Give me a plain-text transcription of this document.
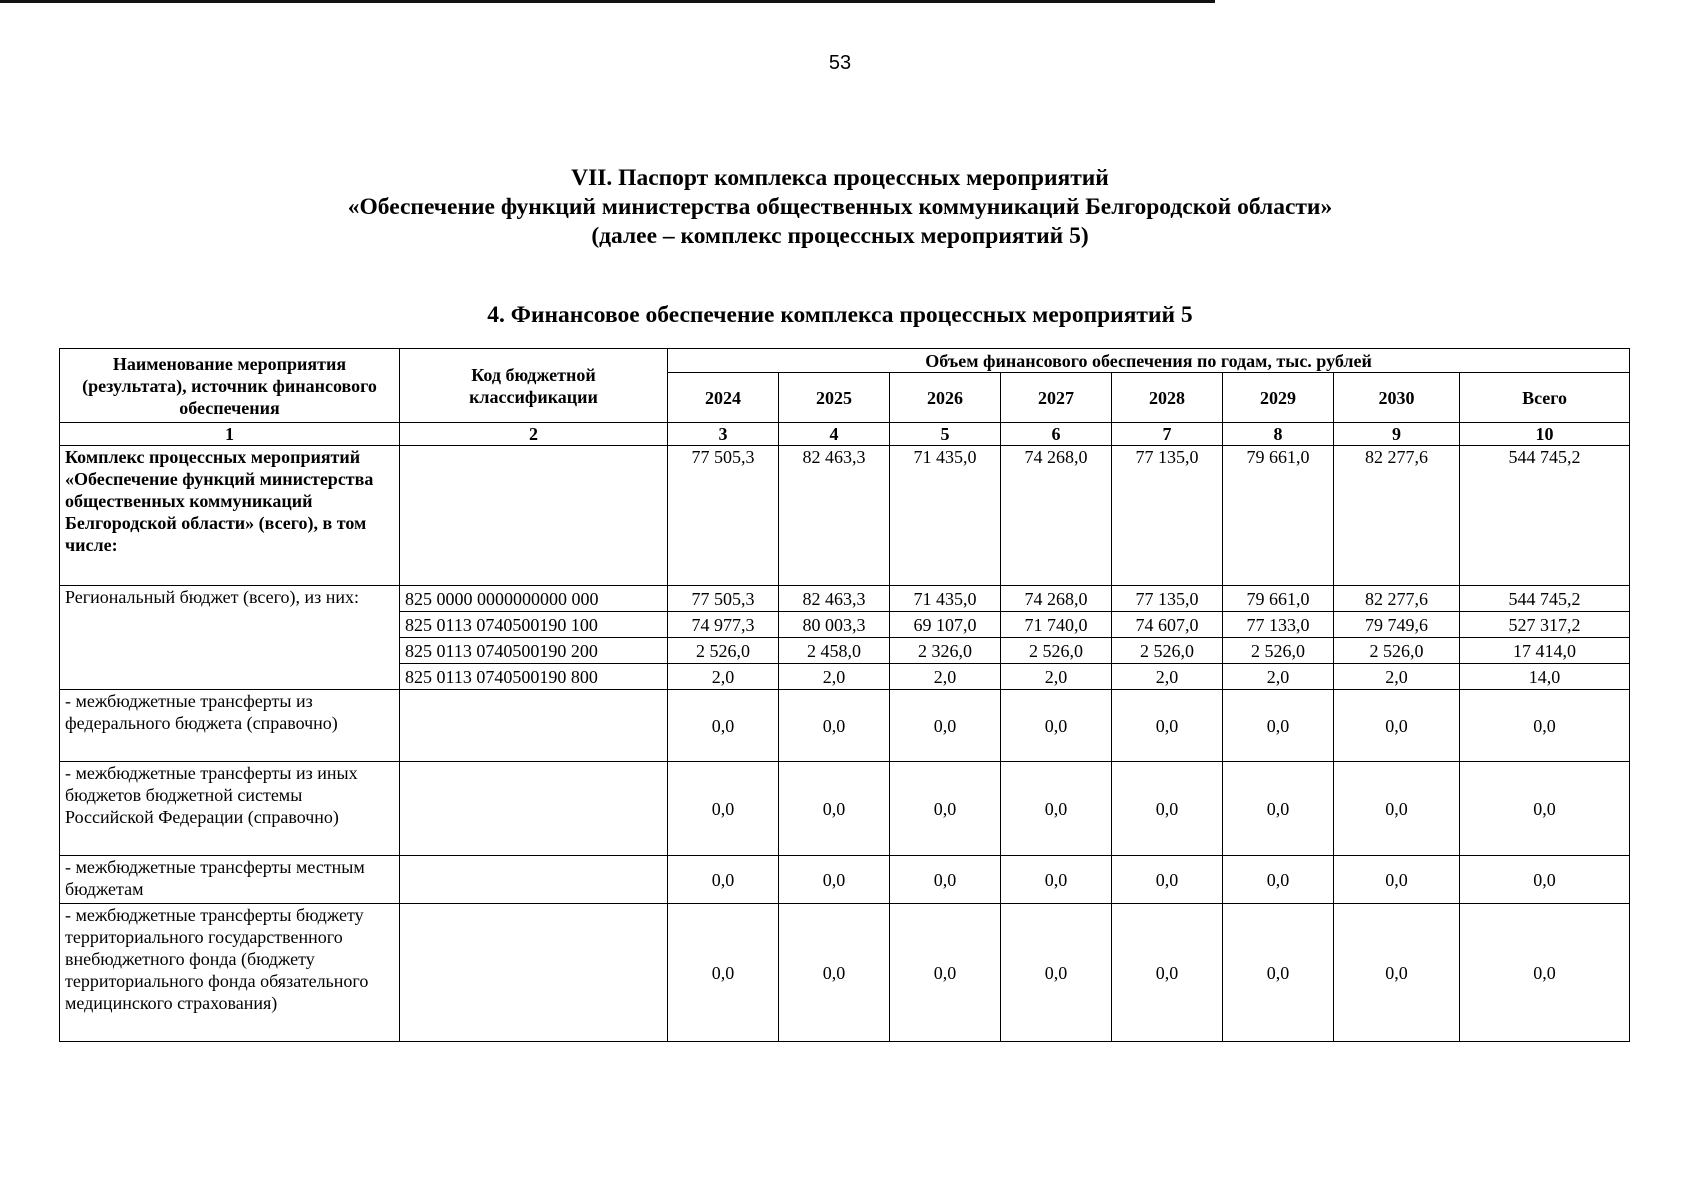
53
VII. Паспорт комплекса процессных мероприятий
«Обеспечение функций министерства общественных коммуникаций Белгородской области»
(далее – комплекс процессных мероприятий 5)
4. Финансовое обеспечение комплекса процессных мероприятий 5
Наименование мероприятия (результата), источник финансового обеспечения	Код бюджетной классификации	Объем финансового обеспечения по годам, тыс. рублей							
		2024	2025	2026	2027	2028	2029	2030	Всего
1	2	3	4	5	6	7	8	9	10
Комплекс процессных мероприятий «Обеспечение функций министерства общественных коммуникаций Белгородской области» (всего), в том числе:		77 505,3	82 463,3	71 435,0	74 268,0	77 135,0	79 661,0	82 277,6	544 745,2
Региональный бюджет (всего), из них:	825 0000 0000000000 000	77 505,3	82 463,3	71 435,0	74 268,0	77 135,0	79 661,0	82 277,6	544 745,2
	825 0113 0740500190 100	74 977,3	80 003,3	69 107,0	71 740,0	74 607,0	77 133,0	79 749,6	527 317,2
	825 0113 0740500190 200	2 526,0	2 458,0	2 326,0	2 526,0	2 526,0	2 526,0	2 526,0	17 414,0
	825 0113 0740500190 800	2,0	2,0	2,0	2,0	2,0	2,0	2,0	14,0
- межбюджетные трансферты из федерального бюджета (справочно)		0,0	0,0	0,0	0,0	0,0	0,0	0,0	0,0
- межбюджетные трансферты из иных бюджетов бюджетной системы Российской Федерации (справочно)		0,0	0,0	0,0	0,0	0,0	0,0	0,0	0,0
- межбюджетные трансферты местным бюджетам		0,0	0,0	0,0	0,0	0,0	0,0	0,0	0,0
- межбюджетные трансферты бюджету территориального государственного внебюджетного фонда (бюджету территориального фонда обязательного медицинского страхования)		0,0	0,0	0,0	0,0	0,0	0,0	0,0	0,0
